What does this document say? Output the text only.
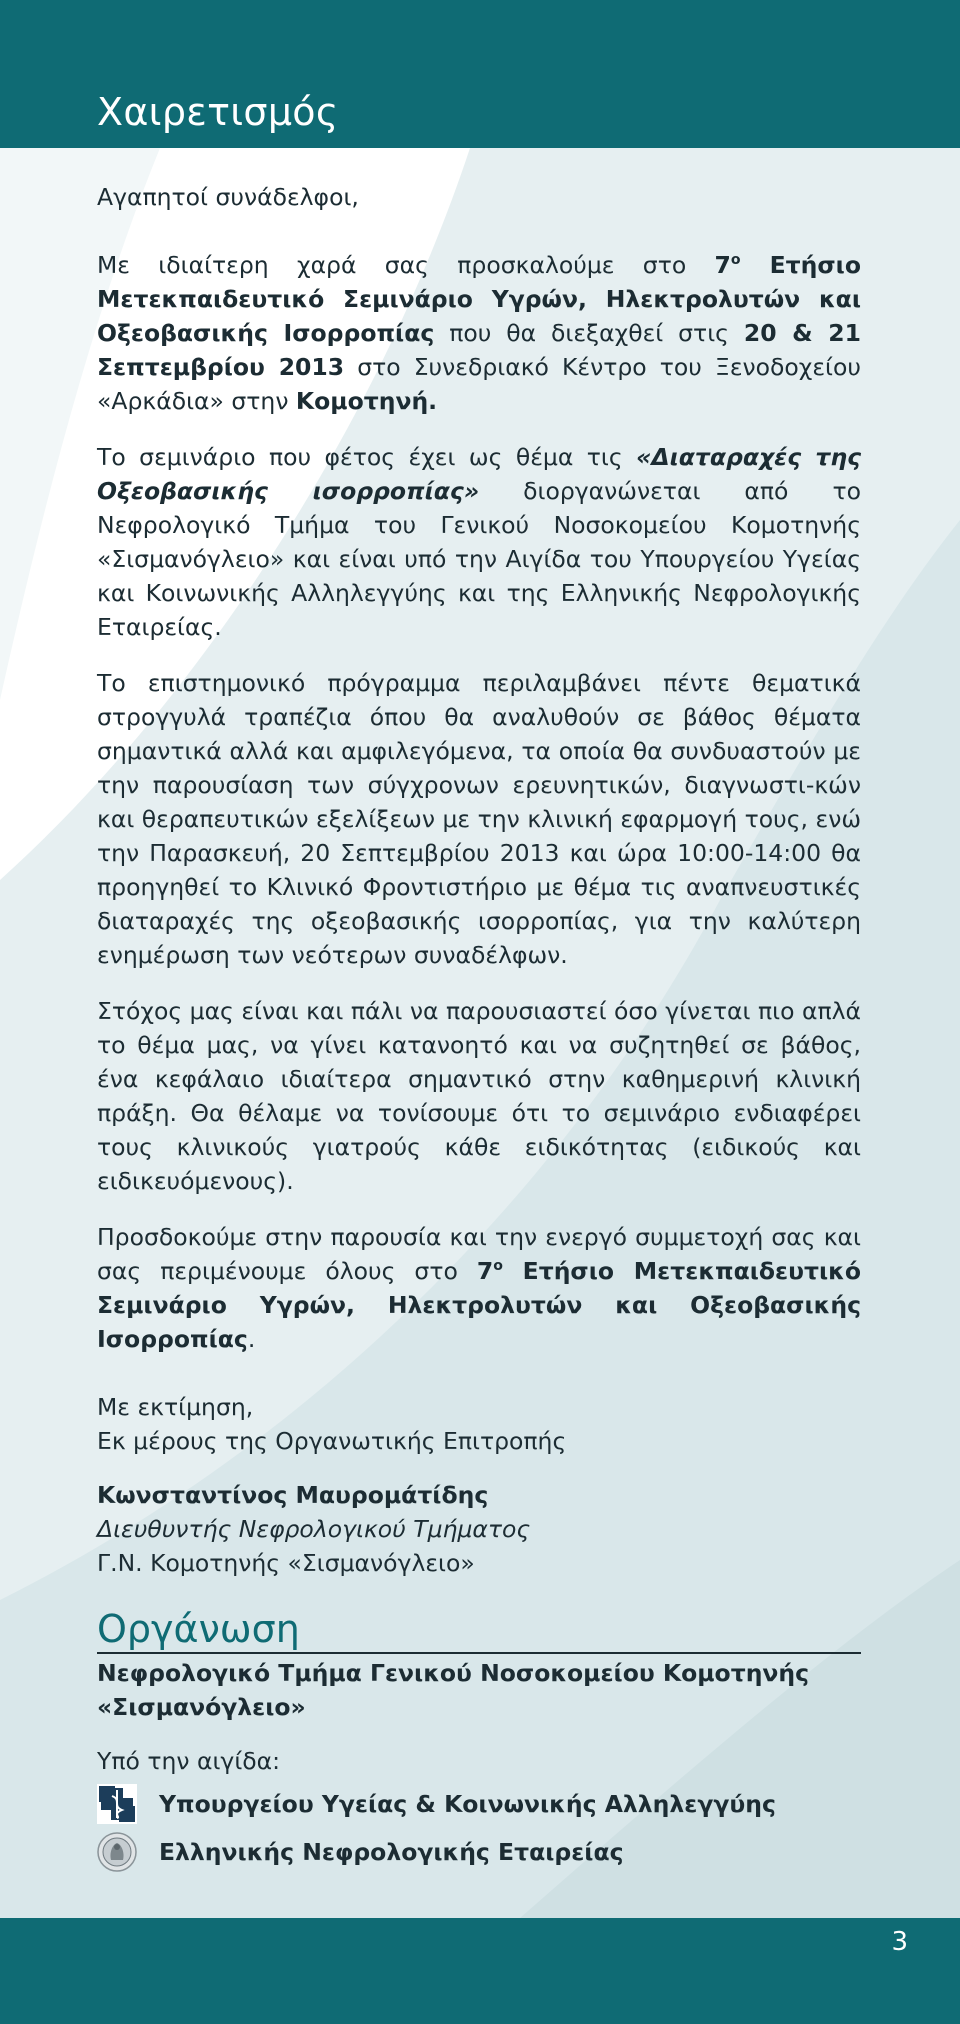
Χαιρετισμός

Αγαπητοί συνάδελφοι,

Με ιδιαίτερη χαρά σας προσκαλούμε στο $7^o$ Ετήσιο Μετεκπαιδευτικό Σεμινάριο Υγρών, Ηλεκτρολυτών και Οξεοβασικής Ισορροπίας που θα διεξαχθεί στις 20 & 21 Σεπτεμβρίου 2013 στο Συνεδριακό Κέντρο του Ξενοδοχείου «Αρκάδια» στην Κομοτηνή.

Το σεμινάριο που φέτος έχει ως θέμα τις «Διαταραχές της Οξεοβασικής ισορροπίας» διοργανώνεται από το Νεφρολογικό Τμήμα του Γενικού Νοσοκομείου Κομοτηνής «Σισμανόγλειο» και είναι υπό την Αιγίδα του Υπουργείου Υγείας και Κοινωνικής Αλληλεγγύης και της Ελληνικής Νεφρολογικής Εταιρείας.

Το επιστημονικό πρόγραμμα περιλαμβάνει πέντε θεματικά στρογγυλά τραπέζια όπου θα αναλυθούν σε βάθος θέματα σημαντικά αλλά και αμφιλεγόμενα, τα οποία θα συνδυαστούν με την παρουσίαση των σύγχρονων ερευνητικών, διαγνωστι-κών και θεραπευτικών εξελίξεων με την κλινική εφαρμογή τους, ενώ την Παρασκευή, 20 Σεπτεμβρίου 2013 και ώρα 10:00-14:00 θα προηγηθεί το Κλινικό Φροντιστήριο με θέμα τις αναπνευστικές διαταραχές της οξεοβασικής ισορροπίας, για την καλύτερη ενημέρωση των νεότερων συναδέλφων.

Στόχος μας είναι και πάλι να παρουσιαστεί όσο γίνεται πιο απλά το θέμα μας, να γίνει κατανοητό και να συζητηθεί σε βάθος, ένα κεφάλαιο ιδιαίτερα σημαντικό στην καθημερινή κλινική πράξη. Θα θέλαμε να τονίσουμε ότι το σεμινάριο ενδιαφέρει τους κλινικούς γιατρούς κάθε ειδικότητας (ειδικούς και ειδικευόμενους).

Προσδοκούμε στην παρουσία και την ενεργό συμμετοχή σας και σας περιμένουμε όλους στο $7^o$ Ετήσιο Μετεκπαιδευτικό Σεμινάριο Υγρών, Ηλεκτρολυτών και Οξεοβασικής Ισορροπίας.

Με εκτίμηση,

Εκ μέρους της Οργανωτικής Επιτροπής

Κωνσταντίνος Μαυρομάτίδης

Διευθυντής Νεφρολογικού Τμήματος

Γ.Ν. Κομοτηνής «Σισμανόγλειο»

Οργάνωση

Νεφρολογικό Τμήμα Γενικού Νοσοκομείου Κομοτηνής «Σισμανόγλειο»

Υπό την αιγίδα:

Υπουργείου Υγείας & Κοινωνικής Αλληλεγγύης
Ελληνικής Νεφρολογικής Εταιρείας
3
